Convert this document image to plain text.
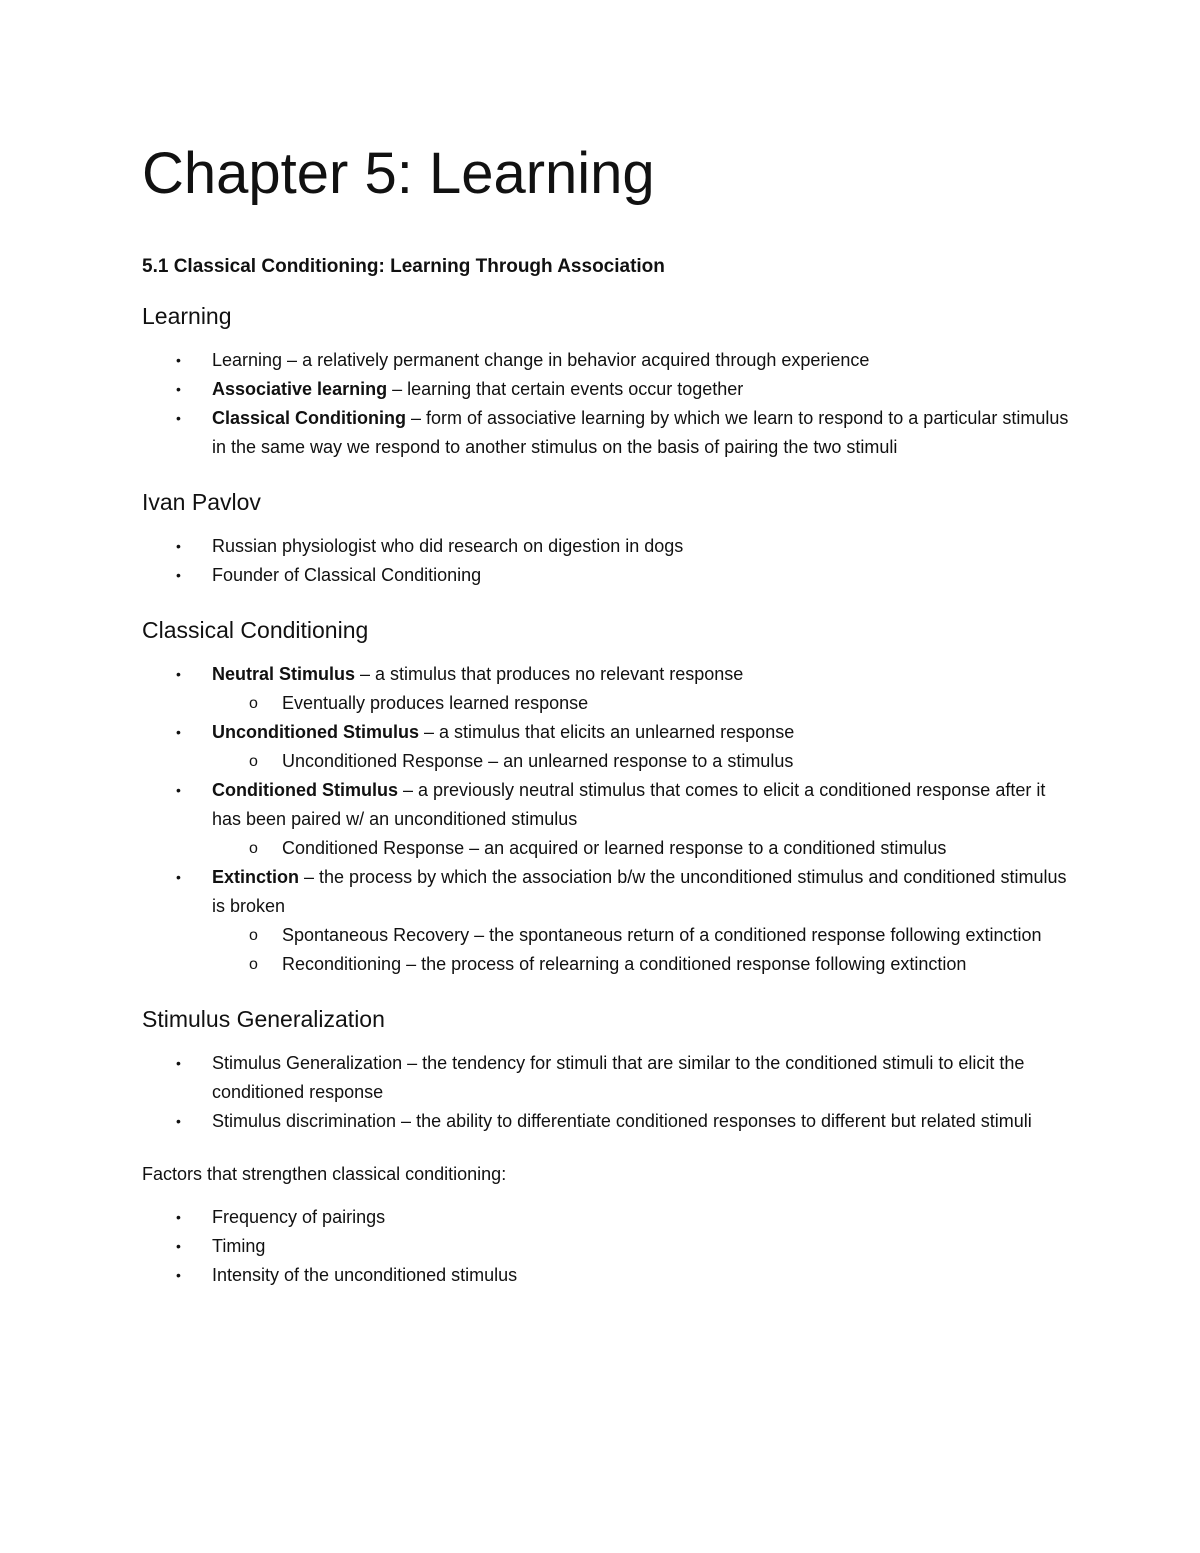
Chapter 5: Learning
5.1 Classical Conditioning: Learning Through Association
Learning
• Learning – a relatively permanent change in behavior acquired through experience
• Associative learning – learning that certain events occur together
• Classical Conditioning – form of associative learning by which we learn to respond to a particular stimulus in the same way we respond to another stimulus on the basis of pairing the two stimuli
Ivan Pavlov
• Russian physiologist who did research on digestion in dogs
• Founder of Classical Conditioning
Classical Conditioning
• Neutral Stimulus – a stimulus that produces no relevant response
o Eventually produces learned response
• Unconditioned Stimulus – a stimulus that elicits an unlearned response
o Unconditioned Response – an unlearned response to a stimulus
• Conditioned Stimulus – a previously neutral stimulus that comes to elicit a conditioned response after it has been paired w/ an unconditioned stimulus
o Conditioned Response – an acquired or learned response to a conditioned stimulus
• Extinction – the process by which the association b/w the unconditioned stimulus and conditioned stimulus is broken
o Spontaneous Recovery – the spontaneous return of a conditioned response following extinction
o Reconditioning – the process of relearning a conditioned response following extinction
Stimulus Generalization
• Stimulus Generalization – the tendency for stimuli that are similar to the conditioned stimuli to elicit the conditioned response
• Stimulus discrimination – the ability to differentiate conditioned responses to different but related stimuli

Factors that strengthen classical conditioning:

• Frequency of pairings
• Timing
• Intensity of the unconditioned stimulus
